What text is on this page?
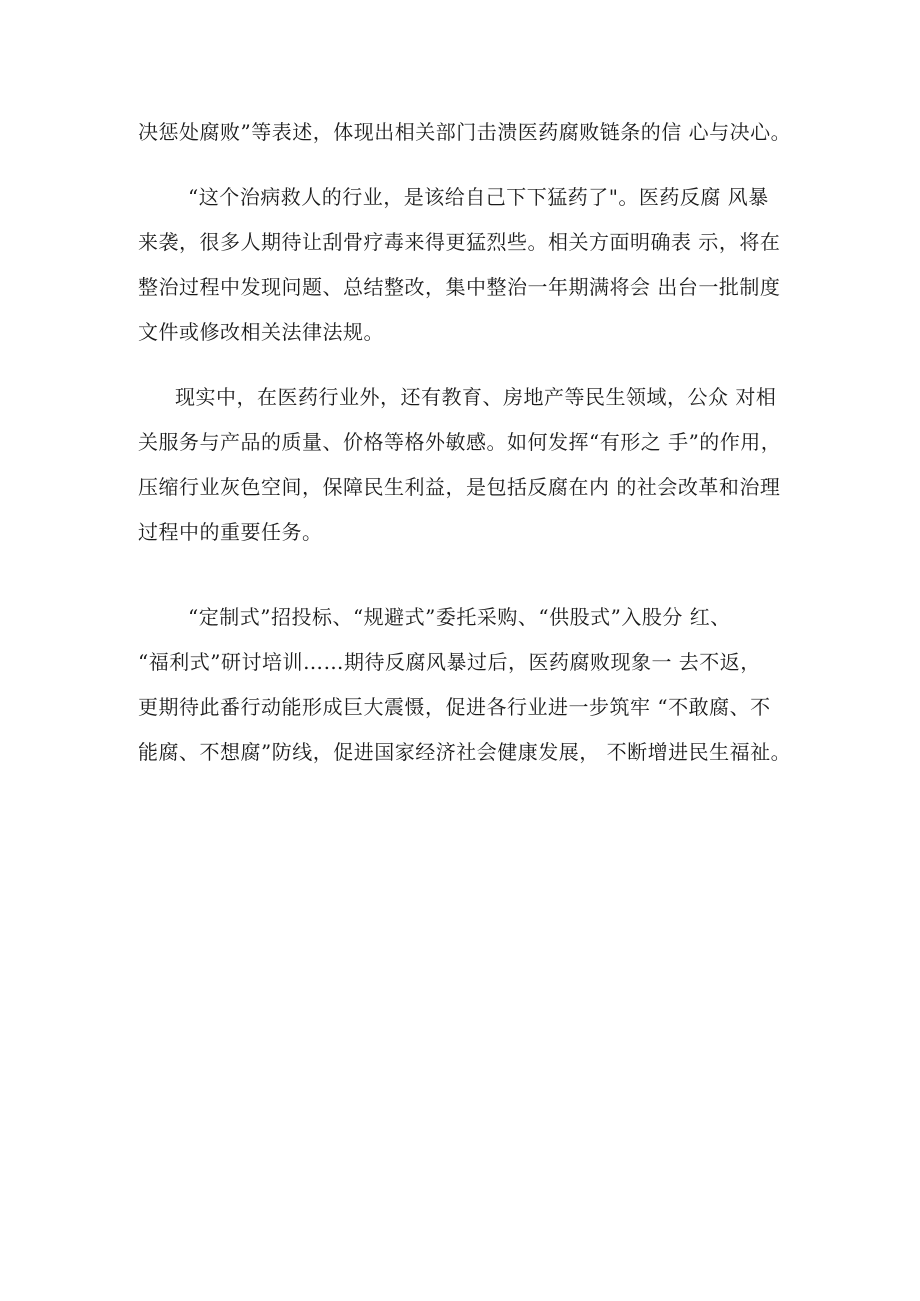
决惩处腐败”等表述，体现出相关部门击溃医药腐败链条的信 心与决心。
“这个治病救人的行业，是该给自己下下猛药了"。医药反腐 风暴
来袭，很多人期待让刮骨疗毒来得更猛烈些。相关方面明确表 示，将在
整治过程中发现问题、总结整改，集中整治一年期满将会 出台一批制度
文件或修改相关法律法规。
现实中，在医药行业外，还有教育、房地产等民生领域，公众 对相
关服务与产品的质量、价格等格外敏感。如何发挥“有形之 手”的作用，
压缩行业灰色空间，保障民生利益，是包括反腐在内 的社会改革和治理
过程中的重要任务。
“定制式”招投标、“规避式”委托采购、“供股式”入股分 红、
“福利式”研讨培训……期待反腐风暴过后，医药腐败现象一 去不返，
更期待此番行动能形成巨大震慑，促进各行业进一步筑牢 “不敢腐、不
能腐、不想腐”防线，促进国家经济社会健康发展， 不断增进民生福祉。
